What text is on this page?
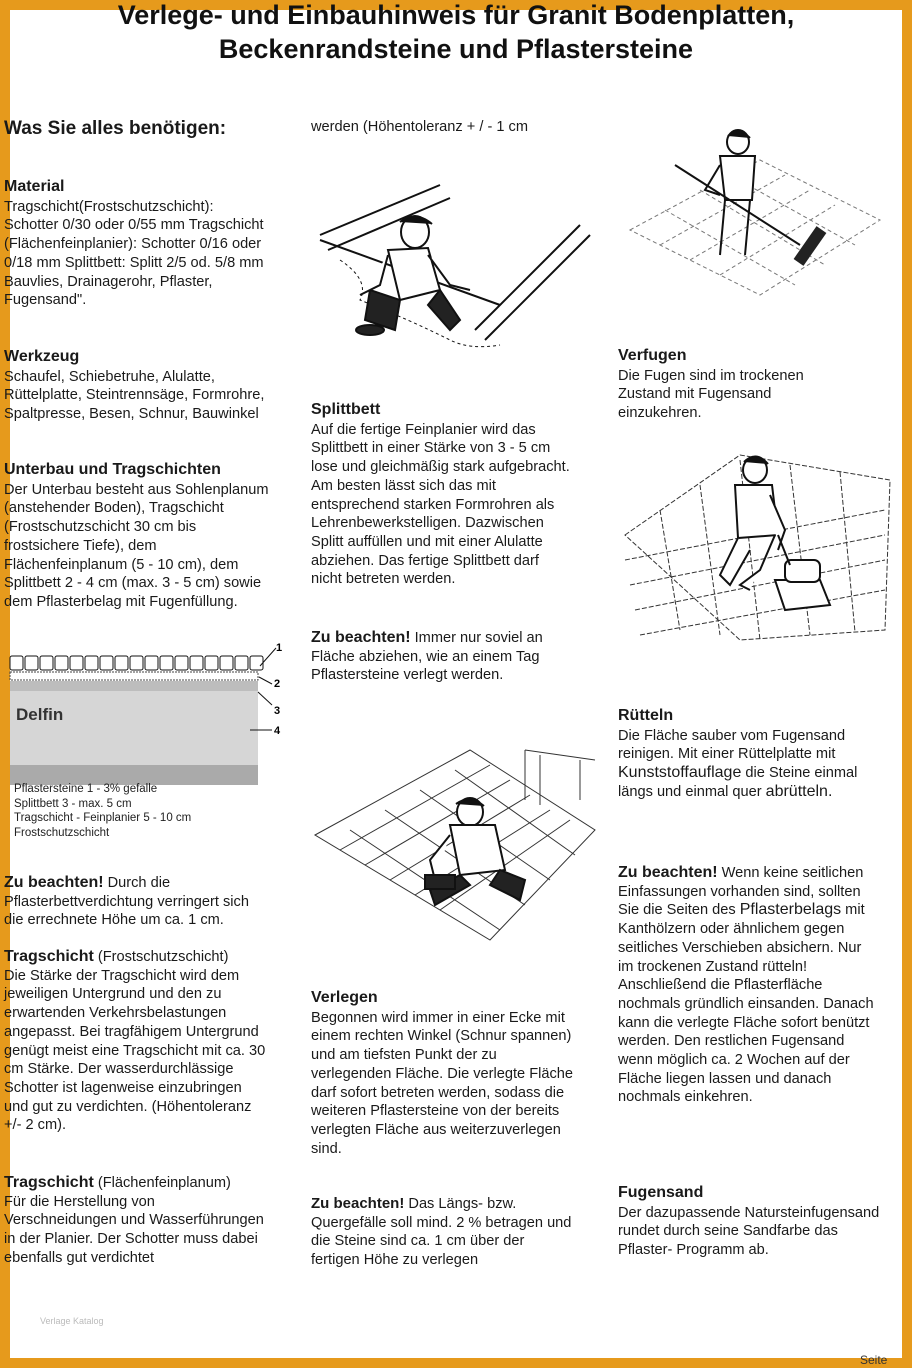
Verlege- und Einbauhinweis für Granit Bodenplatten,
Beckenrandsteine und Pflastersteine

Was Sie alles benötigen:

Material

Tragschicht(Frostschutzschicht): Schotter 0/30 oder 0/55 mm Tragschicht (Flächenfeinplanier): Schotter 0/16 oder 0/18 mm Splittbett: Splitt 2/5 od. 5/8 mm Bauvlies, Drainagerohr, Pflaster, Fugensand".

Werkzeug

Schaufel, Schiebetruhe, Alulatte, Rüttelplatte, Steintrennsäge, Formrohre, Spaltpresse, Besen, Schnur, Bauwinkel

Unterbau und Tragschichten

Der Unterbau besteht aus Sohlenplanum (anstehender Boden), Tragschicht (Frostschutzschicht 30 cm bis frostsichere Tiefe), dem Flächenfeinplanum (5 - 10 cm), dem Splittbett 2 - 4 cm (max. 3 - 5 cm) sowie dem Pflasterbelag mit Fugenfüllung.

Delfin
1
2
3
4
Pflastersteine 1 - 3% gefalle
Splittbett 3 - max. 5 cm
Tragschicht - Feinplanier 5 - 10 cm
Frostschutzschicht

Zu beachten! Durch die Pflasterbettverdichtung verringert sich die errechnete Höhe um ca. 1 cm.

Tragschicht (Frostschutzschicht)

Die Stärke der Tragschicht wird dem jeweiligen Untergrund und den zu erwartenden Verkehrsbelastungen angepasst. Bei tragfähigem Untergrund genügt meist eine Tragschicht mit ca. 30 cm Stärke. Der wasserdurchlässige Schotter ist lagenweise einzubringen und gut zu verdichten. (Höhentoleranz +/- 2 cm).

Tragschicht (Flächenfeinplanum)

Für die Herstellung von Verschneidungen und Wasserführungen in der Planier. Der Schotter muss dabei ebenfalls gut verdichtet

werden (Höhentoleranz + / - 1 cm

Splittbett

Auf die fertige Feinplanier wird das Splittbett in einer Stärke von 3 - 5 cm lose und gleichmäßig stark aufgebracht. Am besten lässt sich das mit entsprechend starken Formrohren als Lehrenbewerkstelligen. Dazwischen Splitt auffüllen und mit einer Alulatte abziehen. Das fertige Splittbett darf nicht betreten werden.

Zu beachten! Immer nur soviel an Fläche abziehen, wie an einem Tag Pflastersteine verlegt werden.

Verlegen

Begonnen wird immer in einer Ecke mit einem rechten Winkel (Schnur spannen) und am tiefsten Punkt der zu verlegenden Fläche. Die verlegte Fläche darf sofort betreten werden, sodass die weiteren Pflastersteine von der bereits verlegten Fläche aus weiterzuverlegen sind.

Zu beachten! Das Längs- bzw. Quergefälle soll mind. 2 % betragen und die Steine sind ca. 1 cm über der fertigen Höhe zu verlegen

Verfugen

Die Fugen sind im trockenen Zustand mit Fugensand einzukehren.

Rütteln

Die Fläche sauber vom Fugensand reinigen. Mit einer Rüttelplatte mit Kunststoffauflage die Steine einmal längs und einmal quer abrütteln.

Zu beachten! Wenn keine seitlichen Einfassungen vorhanden sind, sollten Sie die Seiten des Pflasterbelags mit Kanthölzern oder ähnlichem gegen seitliches Verschieben absichern. Nur im trockenen Zustand rütteln! Anschließend die Pflasterfläche nochmals gründlich einsanden. Danach kann die verlegte Fläche sofort benützt werden. Den restlichen Fugensand wenn möglich ca. 2 Wochen auf der Fläche liegen lassen und danach nochmals einkehren.

Fugensand

Der dazupassende Natursteinfugensand rundet durch seine Sandfarbe das Pflaster- Programm ab.

Verlage Katalog
Seite
